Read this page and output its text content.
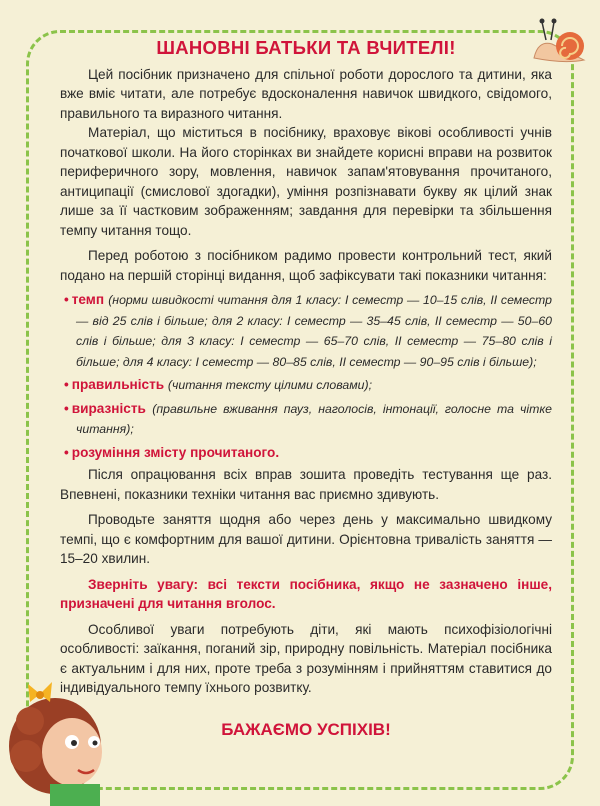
ШАНОВНІ БАТЬКИ ТА ВЧИТЕЛІ!

Цей посібник призначено для спільної роботи дорослого та дитини, яка вже вміє читати, але потребує вдосконалення навичок швидкого, свідомого, правильного та виразного читання.

Матеріал, що міститься в посібнику, враховує вікові особливості учнів початкової школи. На його сторінках ви знайдете корисні вправи на розвиток периферичного зору, мовлення, навичок запам'ятовування прочитаного, антиципації (смислової здогадки), уміння розпізнавати букву як цілий знак лише за її частковим зображенням; завдання для перевірки та збільшення темпу читання тощо.

Перед роботою з посібником радимо провести контрольний тест, який подано на першій сторінці видання, щоб зафіксувати такі показники читання:

• темп (норми швидкості читання для 1 класу: І семестр — 10–15 слів, ІІ семестр — від 25 слів і більше; для 2 класу: І семестр — 35–45 слів, ІІ семестр — 50–60 слів і більше; для 3 класу: І семестр — 65–70 слів, ІІ семестр — 75–80 слів і більше; для 4 класу: І семестр — 80–85 слів, ІІ семестр — 90–95 слів і більше);
• правильність (читання тексту цілими словами);
• виразність (правильне вживання пауз, наголосів, інтонації, голосне та чітке читання);
• розуміння змісту прочитаного.

Після опрацювання всіх вправ зошита проведіть тестування ще раз. Впевнені, показники техніки читання вас приємно здивують.

Проводьте заняття щодня або через день у максимально швидкому темпі, що є комфортним для вашої дитини. Орієнтовна тривалість заняття — 15–20 хвилин.

Зверніть увагу: всі тексти посібника, якщо не зазначено інше, призначені для читання вголос.

Особливої уваги потребують діти, які мають психофізіологічні особливості: заїкання, поганий зір, природну повільність. Матеріал посібника є актуальним і для них, проте треба з розумінням і прийняттям ставитися до індивідуального темпу їхнього розвитку.

БАЖАЄМО УСПІХІВ!
